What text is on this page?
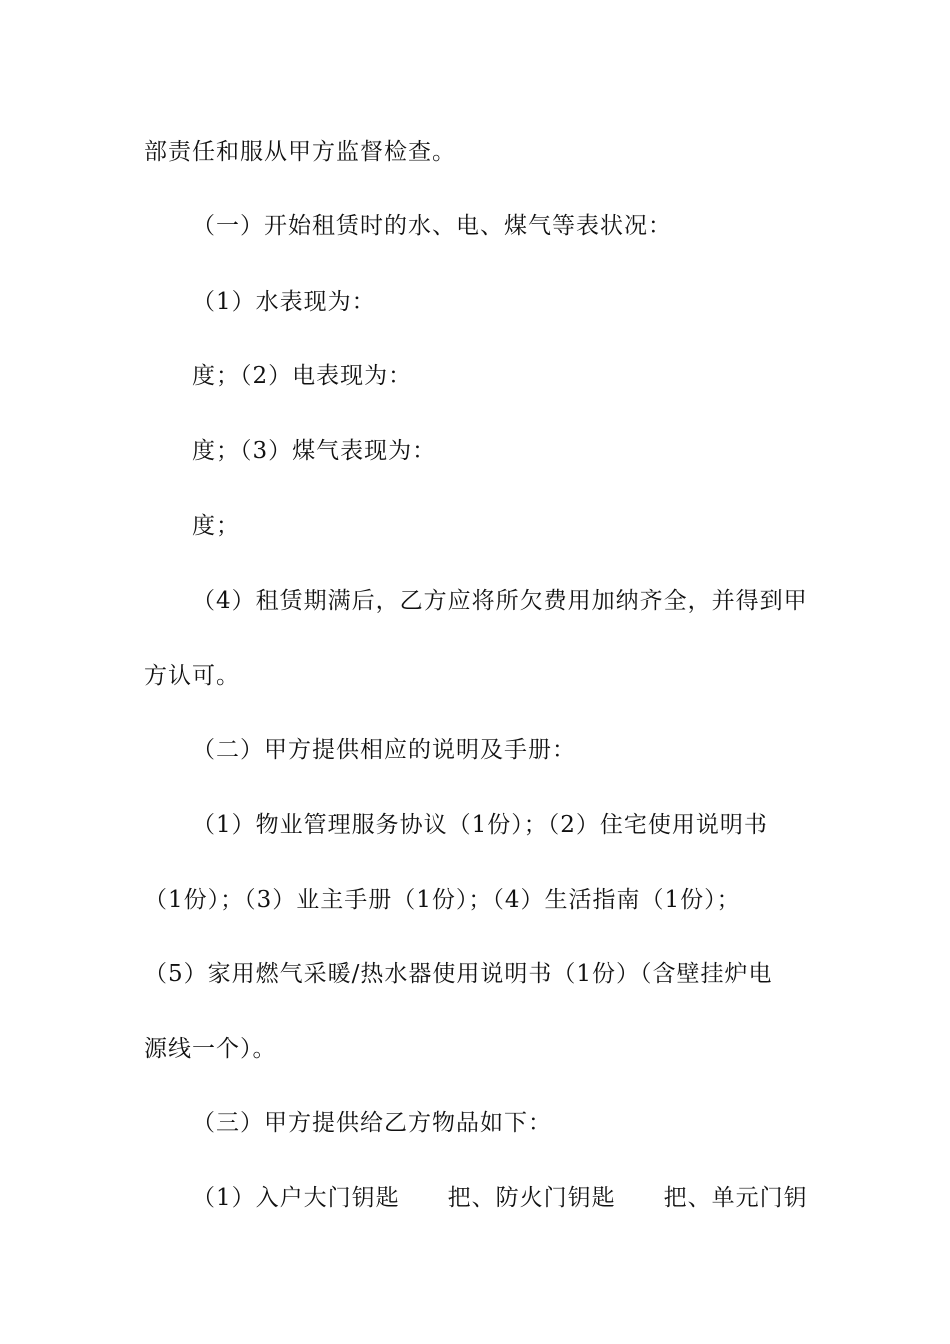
部责任和服从甲方监督检查。
（一）开始租赁时的水、电、煤气等表状况：
（1）水表现为：
度；（2）电表现为：
度；（3）煤气表现为：
度；
（4）租赁期满后，乙方应将所欠费用加纳齐全，并得到甲
方认可。
（二）甲方提供相应的说明及手册：
（1）物业管理服务协议（1份）；（2）住宅使用说明书
（1份）；（3）业主手册（1份）；（4）生活指南（1份）；
（5）家用燃气采暖/热水器使用说明书（1份）（含壁挂炉电
源线一个）。
（三）甲方提供给乙方物品如下：
（1）入户大门钥匙　　把、防火门钥匙　　把、单元门钥
